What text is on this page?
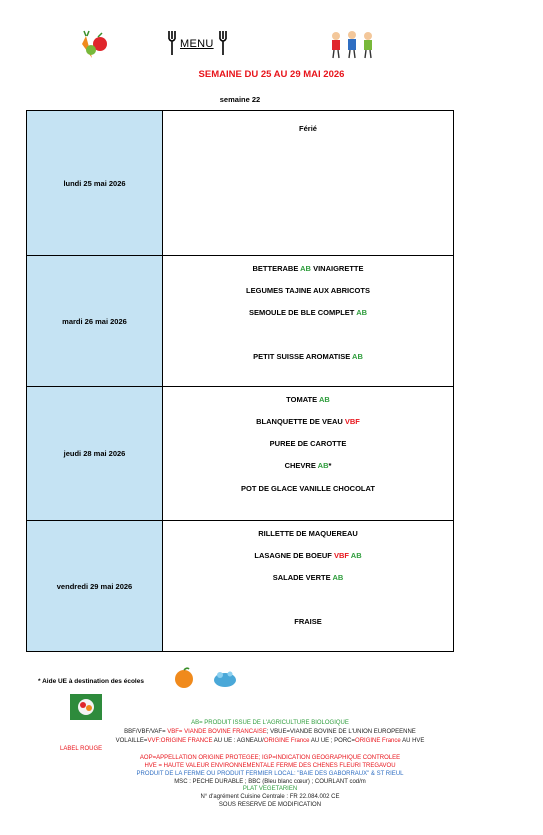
MENU
SEMAINE DU 25 AU 29 MAI 2026
semaine 22
lundi 25 mai 2026	Férié

mardi 26 mai 2026	BETTERABE AB VINAIGRETTE
LEGUMES TAJINE AUX ABRICOTS
SEMOULE DE BLE COMPLET AB
PETIT SUISSE AROMATISE AB

jeudi 28 mai 2026	TOMATE AB
BLANQUETTE DE VEAU VBF
PUREE DE CAROTTE
CHEVRE AB*
POT DE GLACE VANILLE CHOCOLAT

vendredi 29 mai 2026	RILLETTE DE MAQUEREAU
LASAGNE DE BOEUF VBF AB
SALADE VERTE AB
FRAISE
* Aide UE à destination des écoles
AB= PRODUIT ISSUE DE L'AGRICULTURE BIOLOGIQUE
BBF/VBF/VAF= VBF= VIANDE BOVINE FRANCAISE; VBUE=VIANDE BOVINE DE L'UNION EUROPEENNE
VOLAILLE=VVF:ORIGINE FRANCE AU UE : AGNEAU/ORIGINE France AU UE ; PORC=ORIGINE France AU HVE
LABEL ROUGE
AOP=APPELLATION ORIGINE PROTEGEE; IGP=INDICATION GEOGRAPHIQUE CONTROLEE
HVE = HAUTE VALEUR ENVIRONNEMENTALE FERME DES CHENES FLEURI TREGAVOU
PRODUIT DE LA FERME OU PRODUIT FERMIER LOCAL: "BAIE DES GABORRAUX" & ST RIEUL
MSC : PECHE DURABLE ; BBC (Bleu blanc cœur) ; COURLANT cod/m
PLAT VEGETARIEN
N° d'agrément Cuisine Centrale : FR 22.084.002 CE
SOUS RESERVE DE MODIFICATION
